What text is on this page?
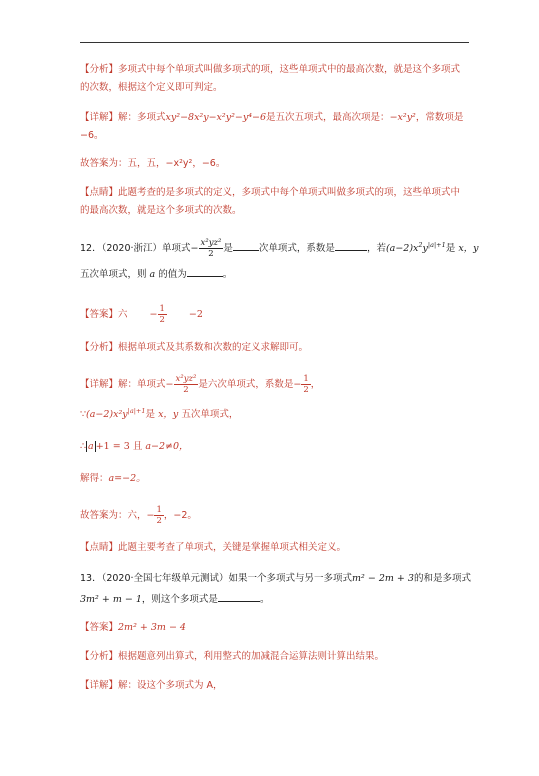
【分析】多项式中每个单项式叫做多项式的项，这些单项式中的最高次数，就是这个多项式
的次数，根据这个定义即可判定。
【详解】解：多项式xy²−8x²y−x²y²−y⁴−6是五次五项式，最高次项是：−x²y²，常数项是
−6。
故答案为：五，五，−x²y²，−6。
【点睛】此题考查的是多项式的定义，多项式中每个单项式叫做多项式的项，这些单项式中
的最高次数，就是这个多项式的次数。
12．（2020·浙江）单项式− $\frac{\text{x²yz²}}{2}$ 是	次单项式，系数是	，若$(a-2)x^2y^{|a|+1}$是 x，y
五次单项式，则 a 的值为	。
【答案】六 − $\frac{1}{2} -2$
【分析】根据单项式及其系数和次数的定义求解即可。
【详解】解：单项式− $\frac{\text{x²yz²}}{2}$ 是六次单项式，系数是− $\frac{1}{2}$ ，
$\because(a-2)x^2y^{|a|+1}$是 x，y 五次单项式，
∴ a +1 = 3 且 a−2≠0，
解得：a=−2。
故答案为：六，− $\frac{1}{2}$ ，−2。
【点睛】此题主要考查了单项式，关键是掌握单项式相关定义。
13．（2020·全国七年级单元测试）如果一个多项式与另一多项式m² − 2m + 3的和是多项式
3m² + m − 1，则这个多项式是	。
【答案】2m² + 3m − 4
【分析】根据题意列出算式，利用整式的加减混合运算法则计算出结果。
【详解】解：设这个多项式为 A，
